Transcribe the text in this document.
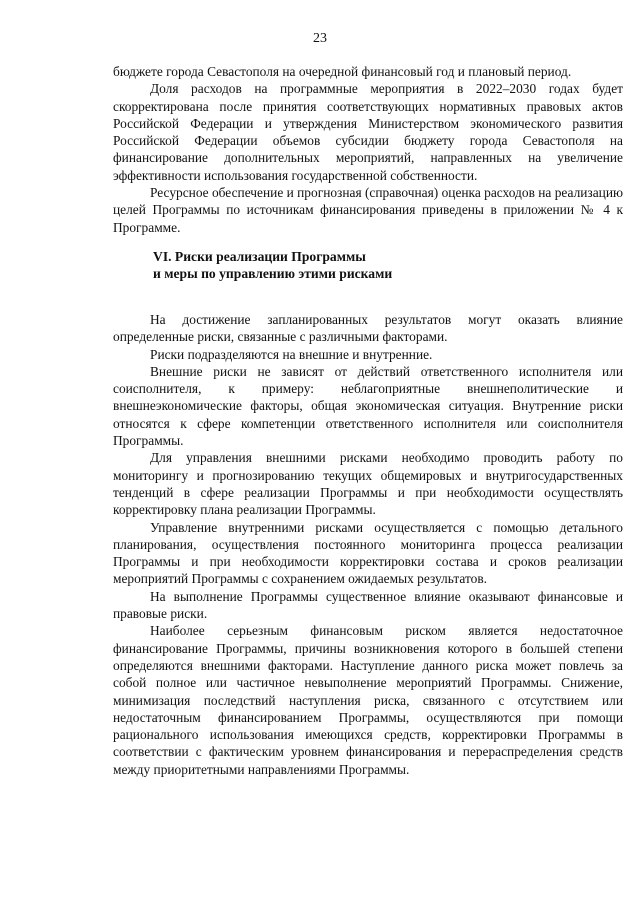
23

бюджете города Севастополя на очередной финансовый год и плановый период.

Доля расходов на программные мероприятия в 2022–2030 годах будет скорректирована после принятия соответствующих нормативных правовых актов Российской Федерации и утверждения Министерством экономического развития Российской Федерации объемов субсидии бюджету города Севастополя на финансирование дополнительных мероприятий, направленных на увеличение эффективности использования государственной собственности.

Ресурсное обеспечение и прогнозная (справочная) оценка расходов на реализацию целей Программы по источникам финансирования приведены в приложении № 4 к Программе.

VI. Риски реализации Программы

и меры по управлению этими рисками

На достижение запланированных результатов могут оказать влияние определенные риски, связанные с различными факторами.

Риски подразделяются на внешние и внутренние.

Внешние риски не зависят от действий ответственного исполнителя или соисполнителя, к примеру: неблагоприятные внешнеполитические и внешнеэкономические факторы, общая экономическая ситуация. Внутренние риски относятся к сфере компетенции ответственного исполнителя или соисполнителя Программы.

Для управления внешними рисками необходимо проводить работу по мониторингу и прогнозированию текущих общемировых и внутригосударственных тенденций в сфере реализации Программы и при необходимости осуществлять корректировку плана реализации Программы.

Управление внутренними рисками осуществляется с помощью детального планирования, осуществления постоянного мониторинга процесса реализации Программы и при необходимости корректировки состава и сроков реализации мероприятий Программы с сохранением ожидаемых результатов.

На выполнение Программы существенное влияние оказывают финансовые и правовые риски.

Наиболее серьезным финансовым риском является недостаточное финансирование Программы, причины возникновения которого в большей степени определяются внешними факторами. Наступление данного риска может повлечь за собой полное или частичное невыполнение мероприятий Программы. Снижение, минимизация последствий наступления риска, связанного с отсутствием или недостаточным финансированием Программы, осуществляются при помощи рационального использования имеющихся средств, корректировки Программы в соответствии с фактическим уровнем финансирования и перераспределения средств между приоритетными направлениями Программы.
